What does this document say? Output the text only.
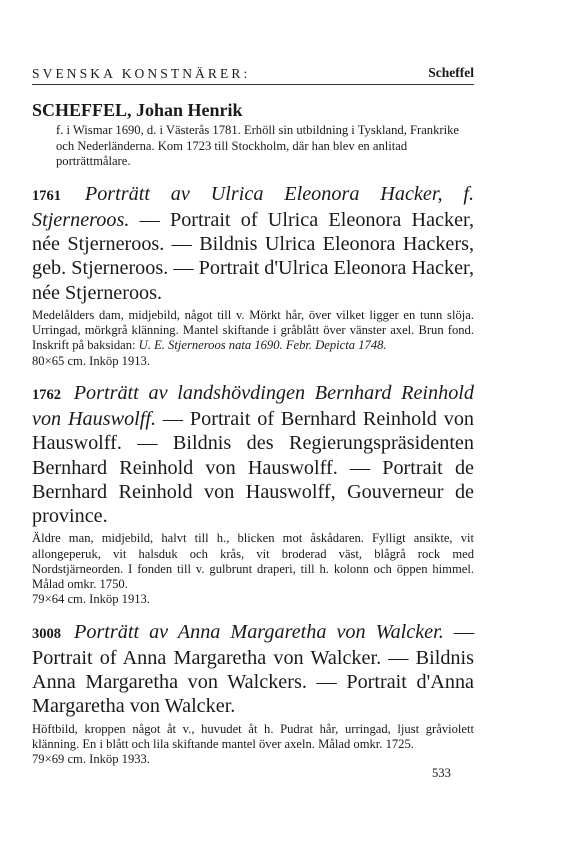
SVENSKA KONSTNÄRER:	Scheffel
SCHEFFEL, Johan Henrik

f. i Wismar 1690, d. i Västerås 1781. Erhöll sin utbildning i Tyskland, Frankrike och Nederländerna. Kom 1723 till Stockholm, där han blev en anlitad porträttmålare.

1761 Porträtt av Ulrica Eleonora Hacker, f. Stjerneroos. — Portrait of Ulrica Eleonora Hacker, née Stjerneroos. — Bildnis Ulrica Eleonora Hackers, geb. Stjerneroos. — Portrait d'Ulrica Eleonora Hacker, née Stjerneroos.

Medelålders dam, midjebild, något till v. Mörkt hår, över vilket ligger en tunn slöja. Urringad, mörkgrå klänning. Mantel skiftande i gråblått över vänster axel. Brun fond. Inskrift på baksidan: U. E. Stjerneroos nata 1690. Febr. Depicta 1748.

80×65 cm. Inköp 1913.

1762 Porträtt av landshövdingen Bernhard Reinhold von Hauswolff. — Portrait of Bernhard Reinhold von Hauswolff. — Bildnis des Regierungspräsidenten Bernhard Reinhold von Hauswolff. — Portrait de Bernhard Reinhold von Hauswolff, Gouverneur de province.

Äldre man, midjebild, halvt till h., blicken mot åskådaren. Fylligt ansikte, vit allongeperuk, vit halsduk och krås, vit broderad väst, blågrå rock med Nordstjärneorden. I fonden till v. gulbrunt draperi, till h. kolonn och öppen himmel. Målad omkr. 1750.

79×64 cm. Inköp 1913.

3008 Porträtt av Anna Margaretha von Walcker. — Portrait of Anna Margaretha von Walcker. — Bildnis Anna Margaretha von Walckers. — Portrait d'Anna Margaretha von Walcker.

Höftbild, kroppen något åt v., huvudet åt h. Pudrat hår, urringad, ljust gråviolett klänning. En i blått och lila skiftande mantel över axeln. Målad omkr. 1725.

79×69 cm. Inköp 1933.

533
